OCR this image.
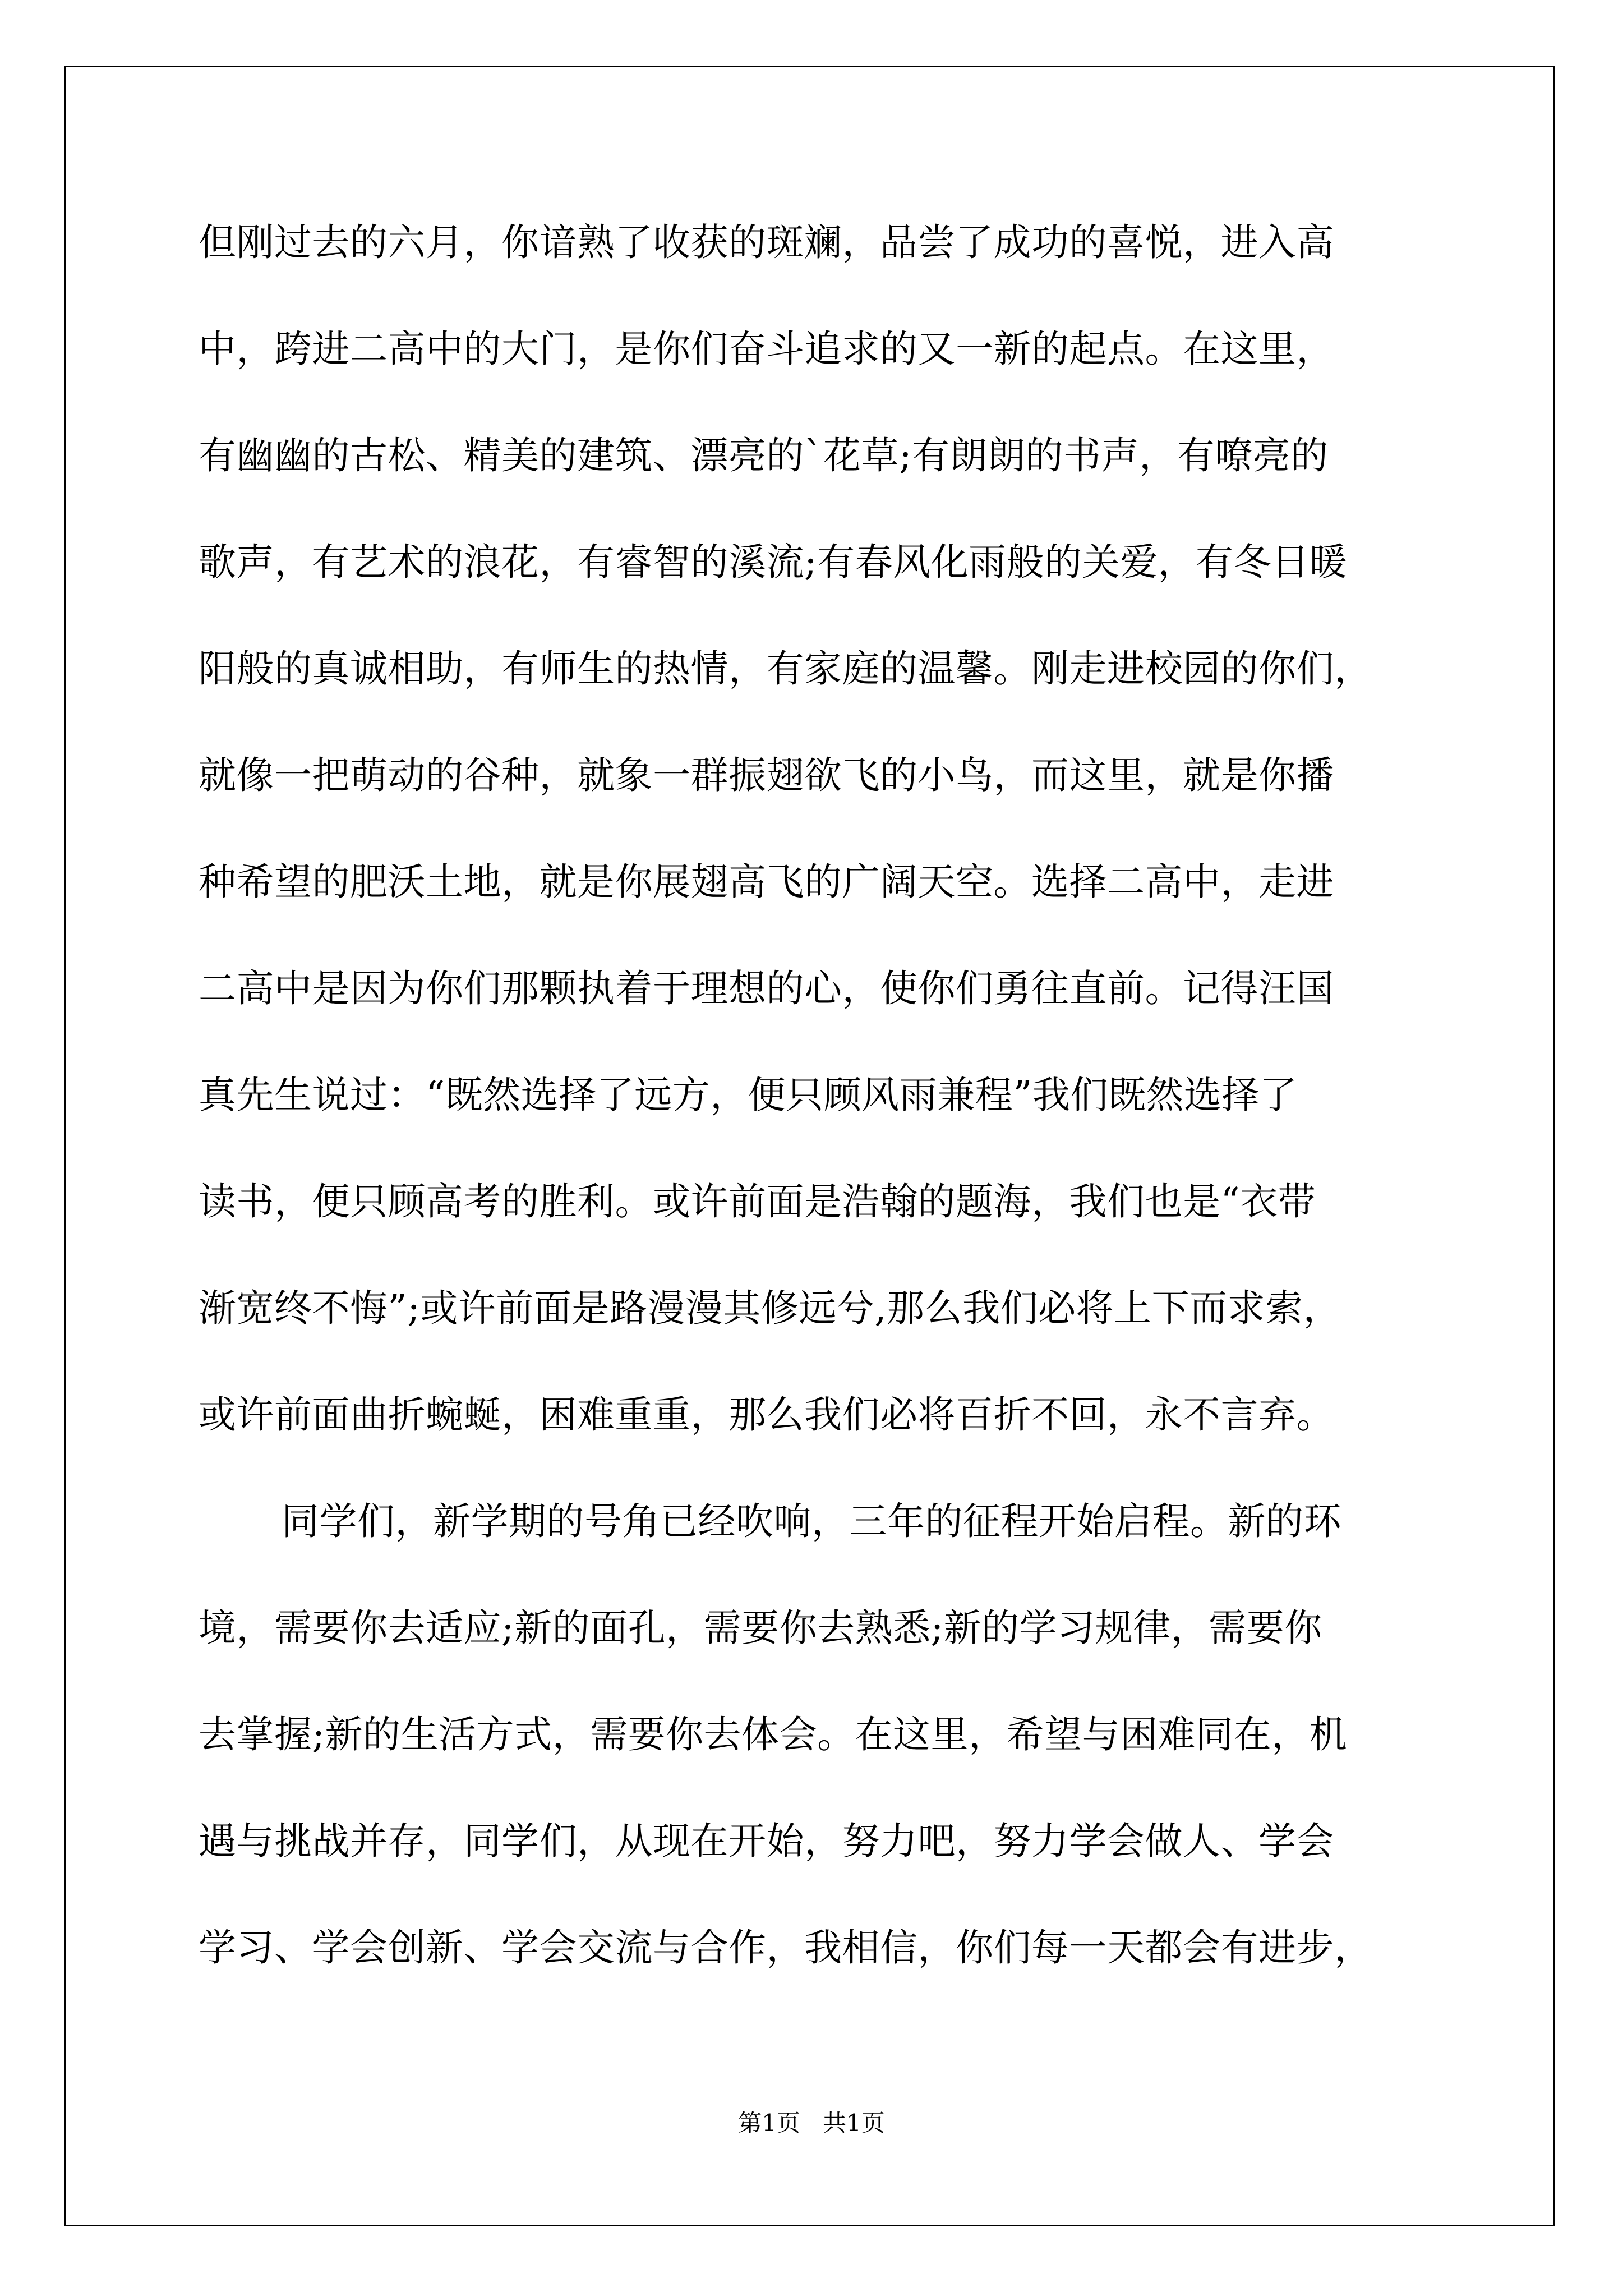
但刚过去的六月，你谙熟了收获的斑斓，品尝了成功的喜悦，进入高
中，跨进二高中的大门，是你们奋斗追求的又一新的起点。在这里，
有幽幽的古松、精美的建筑、漂亮的`花草;有朗朗的书声，有嘹亮的
歌声，有艺术的浪花，有睿智的溪流;有春风化雨般的关爱，有冬日暖
阳般的真诚相助，有师生的热情，有家庭的温馨。刚走进校园的你们，
就像一把萌动的谷种，就象一群振翅欲飞的小鸟，而这里，就是你播
种希望的肥沃土地，就是你展翅高飞的广阔天空。选择二高中，走进
二高中是因为你们那颗执着于理想的心，使你们勇往直前。记得汪国
真先生说过：“既然选择了远方，便只顾风雨兼程”我们既然选择了
读书，便只顾高考的胜利。或许前面是浩翰的题海，我们也是“衣带
渐宽终不悔”;或许前面是路漫漫其修远兮,那么我们必将上下而求索，
或许前面曲折蜿蜒，困难重重，那么我们必将百折不回，永不言弃。
同学们，新学期的号角已经吹响，三年的征程开始启程。新的环
境，需要你去适应;新的面孔，需要你去熟悉;新的学习规律，需要你
去掌握;新的生活方式，需要你去体会。在这里，希望与困难同在，机
遇与挑战并存，同学们，从现在开始，努力吧，努力学会做人、学会
学习、学会创新、学会交流与合作，我相信，你们每一天都会有进步，
第1页   共1页
